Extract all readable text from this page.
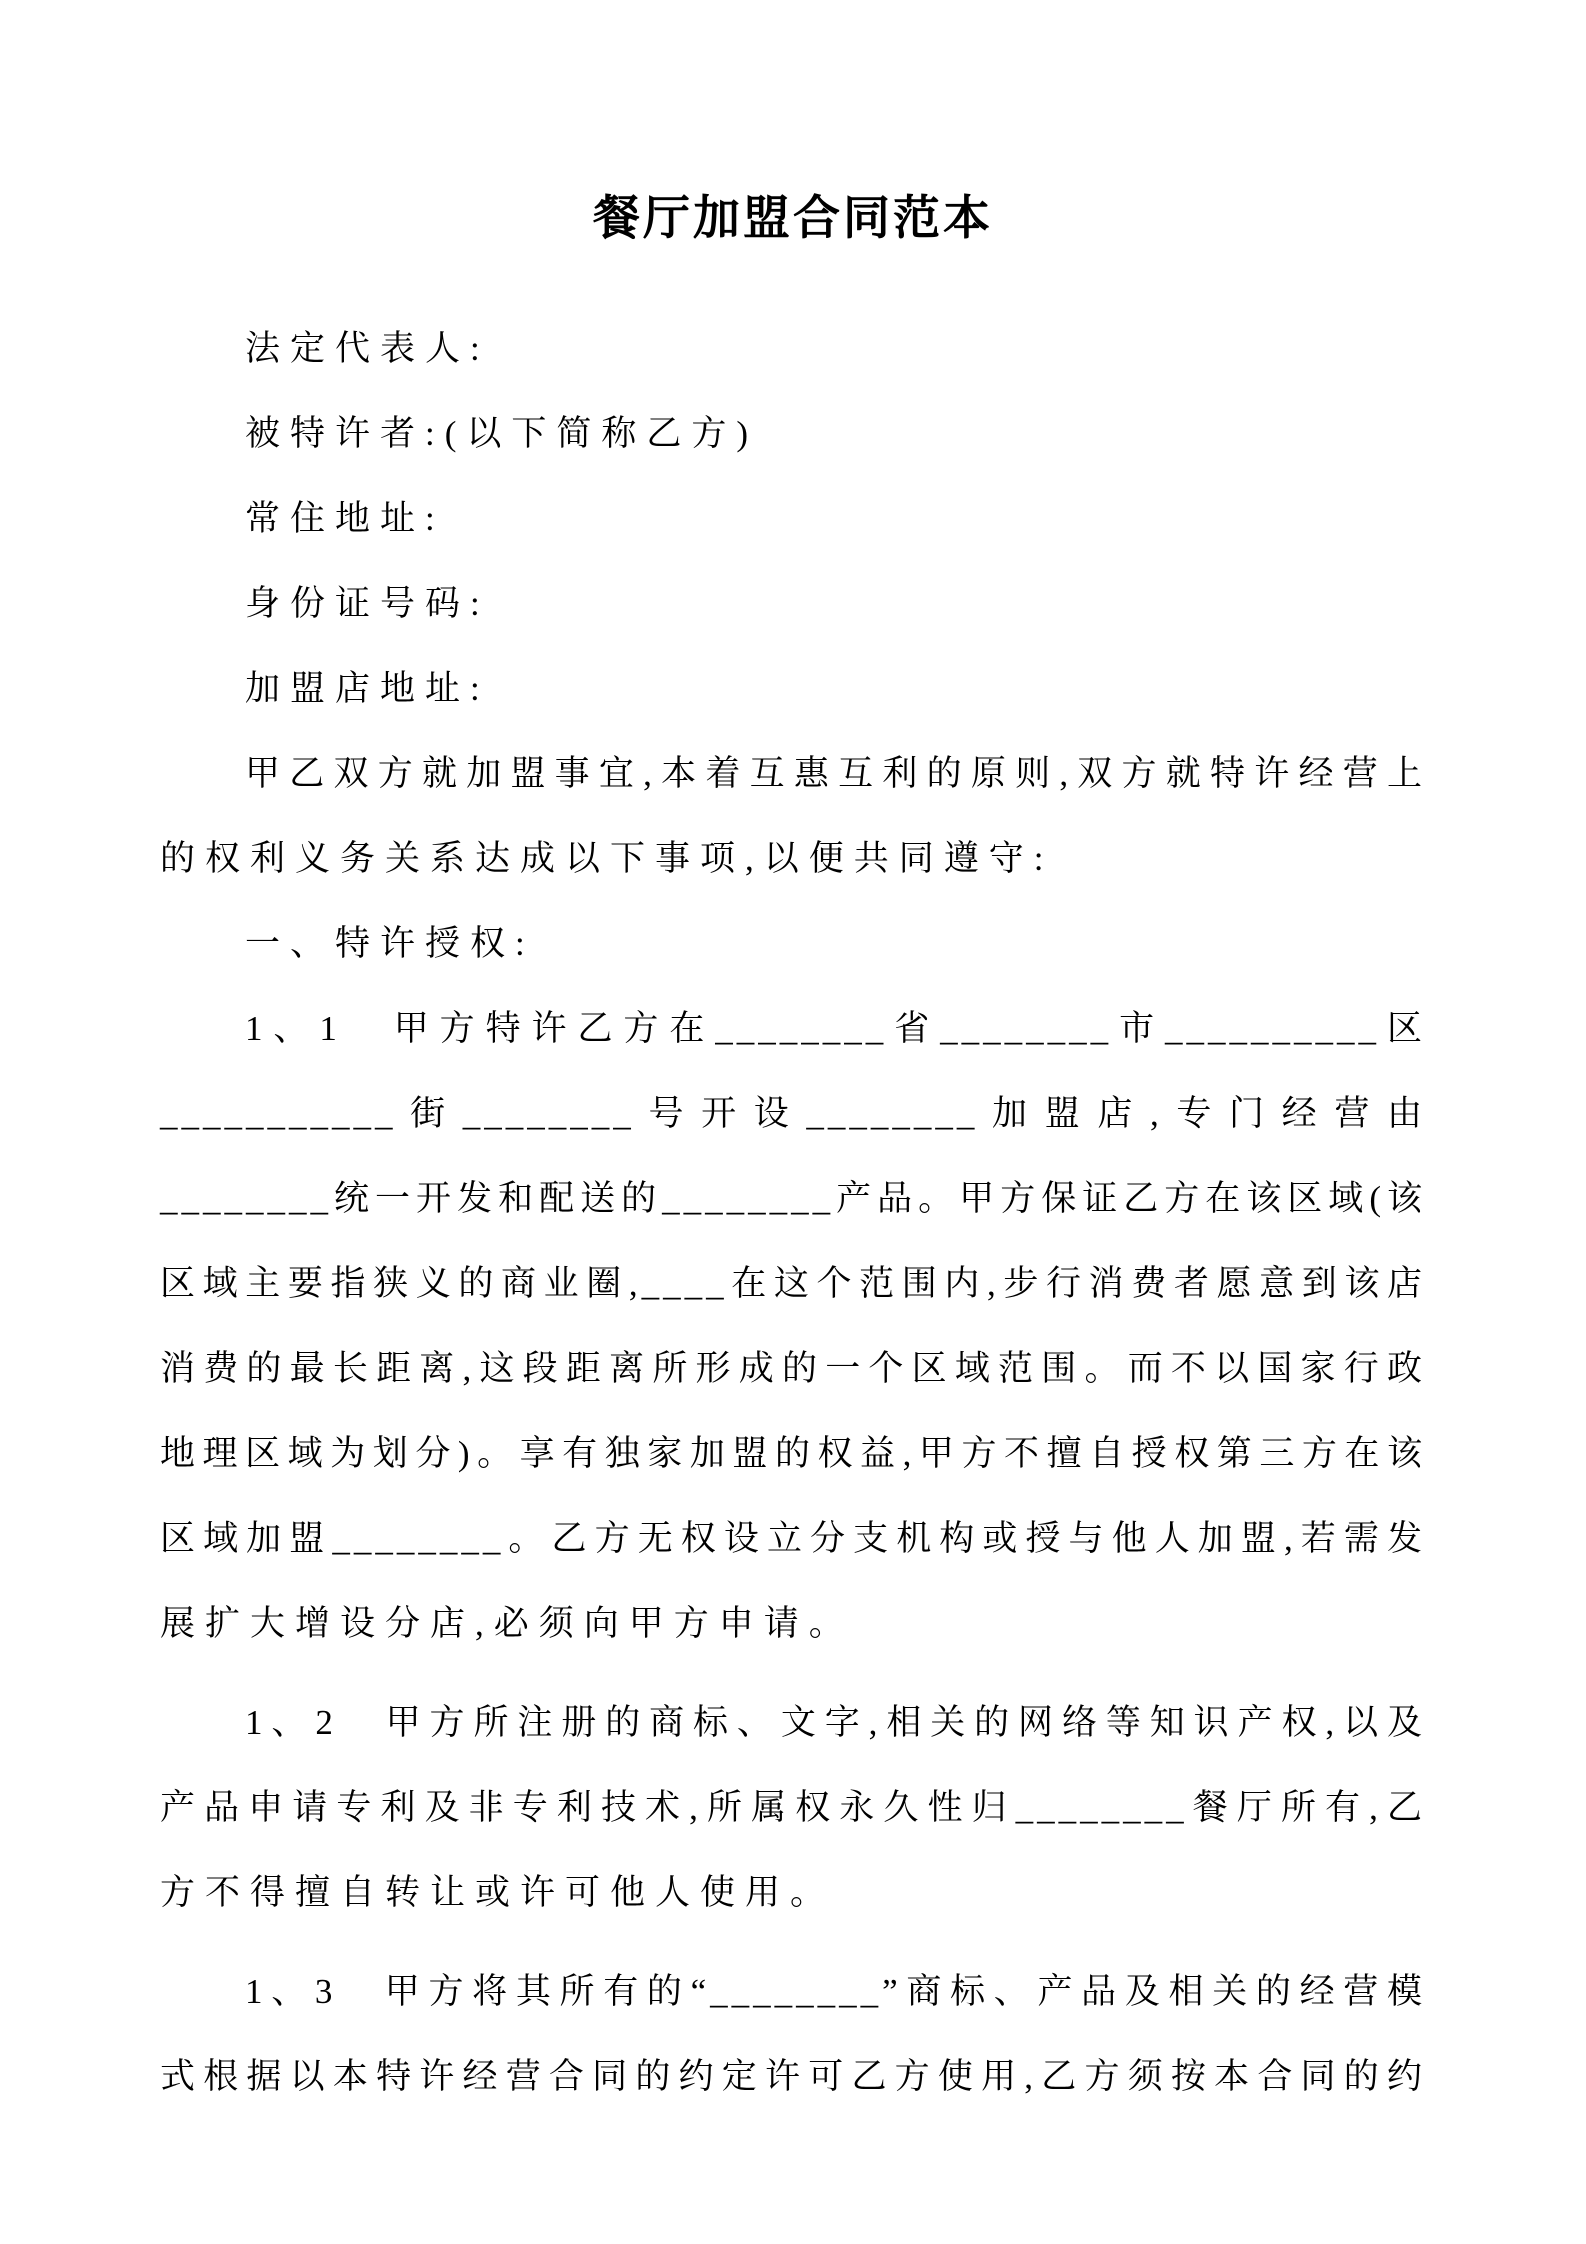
餐厅加盟合同范本
法定代表人:
被特许者:(以下简称乙方)
常住地址:
身份证号码:
加盟店地址:
甲乙双方就加盟事宜,本着互惠互利的原则,双方就特许经营上
的权利义务关系达成以下事项,以便共同遵守:
一、特许授权:
1、1　甲方特许乙方在________省________市__________区
___________街________号开设________加盟店,专门经营由
________统一开发和配送的________产品。甲方保证乙方在该区域(该
区域主要指狭义的商业圈,____在这个范围内,步行消费者愿意到该店
消费的最长距离,这段距离所形成的一个区域范围。而不以国家行政
地理区域为划分)。享有独家加盟的权益,甲方不擅自授权第三方在该
区域加盟________。乙方无权设立分支机构或授与他人加盟,若需发
展扩大增设分店,必须向甲方申请。
1、2　甲方所注册的商标、文字,相关的网络等知识产权,以及
产品申请专利及非专利技术,所属权永久性归________餐厅所有,乙
方不得擅自转让或许可他人使用。
1、3　甲方将其所有的“________”商标、产品及相关的经营模
式根据以本特许经营合同的约定许可乙方使用,乙方须按本合同的约
